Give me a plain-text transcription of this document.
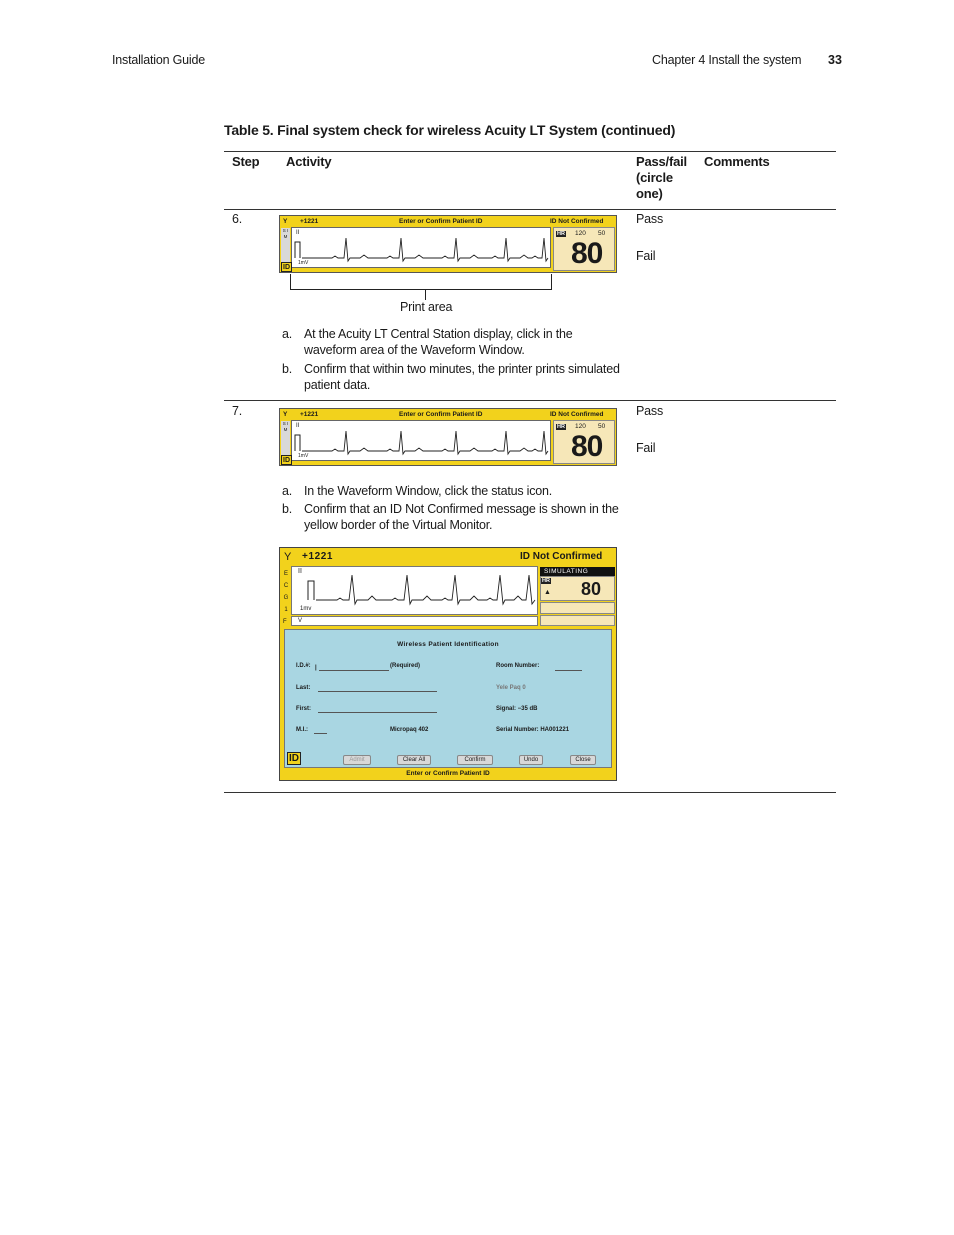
Installation Guide	Chapter 4 Install the system 33
Table 5. Final system check for wireless Acuity LT System (continued)
Step Activity	Pass/fail (circle one)
Comments
6.	Pass
Fail
Y +1221	Enter or Confirm Patient ID	ID Not Confirmed
S I M
II
1mV
ID
HR 120 50
80
Print area
a. At the Acuity LT Central Station display, click in the waveform area of the Waveform Window.
b. Confirm that within two minutes, the printer prints simulated patient data.
7.	Pass
Fail
Y +1221	Enter or Confirm Patient ID	ID Not Confirmed
S I M
II
1mV
ID
HR 120 50
80
a. In the Waveform Window, click the status icon.
b. Confirm that an ID Not Confirmed message is shown in the yellow border of the Virtual Monitor.
Y +1221	ID Not Confirmed
E
C
G
1
II
1mv
F V
SIMULATING
HR
▲ 80
Wireless Patient Identification
I.D.#: |	(Required)	Room Number:
Last:	Yele Paq 0
First:	Signal: −35 dB
M.I.:	Micropaq 402	Serial Number: HA001221
ID	Admit	Clear All	Confirm	Undo	Close
Enter or Confirm Patient ID
